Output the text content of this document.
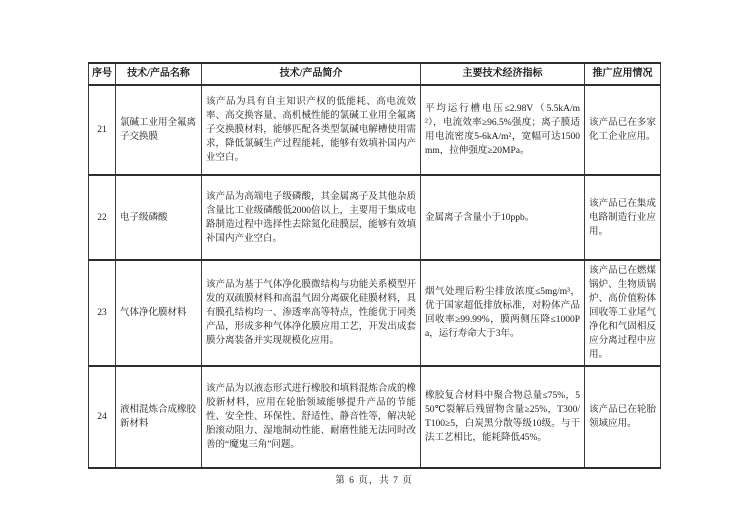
序号	技术/产品名称	技术/产品简介	主要技术经济指标	推广应用情况
21	氯碱工业用全氟离子交换膜	该产品为具有自主知识产权的低能耗、高电流效率、高交换容量、高机械性能的氯碱工业用全氟离子交换膜材料，能够匹配各类型氯碱电解槽使用需求，降低氯碱生产过程能耗，能够有效填补国内产业空白。	平均运行槽电压≤2.98V（5.5kA/m²），电流效率≥96.5%强度；离子膜适用电流密度5-6kA/m²，宽幅可达1500mm，拉伸强度≥20MPa。	该产品已在多家化工企业应用。
22	电子级磷酸	该产品为高端电子级磷酸，其金属离子及其他杂质含量比工业级磷酸低2000倍以上，主要用于集成电路制造过程中选择性去除氮化硅膜层，能够有效填补国内产业空白。	金属离子含量小于10ppb。	该产品已在集成电路制造行业应用。
23	气体净化膜材料	该产品为基于气体净化膜微结构与功能关系模型开发的双疏膜材料和高温气固分离碳化硅膜材料，具有膜孔结构均一、渗透率高等特点，性能优于同类产品，形成多种气体净化膜应用工艺，开发出成套膜分离装备并实现规模化应用。	烟气处理后粉尘排放浓度≤5mg/m³，优于国家超低排放标准，对粉体产品回收率≥99.99%，膜两侧压降≤1000Pa，运行寿命大于3年。	该产品已在燃煤锅炉、生物质锅炉、高价值粉体回收等工业尾气净化和气固相反应分离过程中应用。
24	液相混炼合成橡胶新材料	该产品为以液态形式进行橡胶和填料混炼合成的橡胶新材料，应用在轮胎领域能够提升产品的节能性、安全性、环保性、舒适性、静音性等，解决轮胎滚动阻力、湿地制动性能、耐磨性能无法同时改善的“魔鬼三角”问题。	橡胶复合材料中聚合物总量≤75%，550℃裂解后残留物含量≥25%，T300/T100≥5，白炭黑分散等级10级。与干法工艺相比，能耗降低45%。	该产品已在轮胎领域应用。
第 6 页，共 7 页
